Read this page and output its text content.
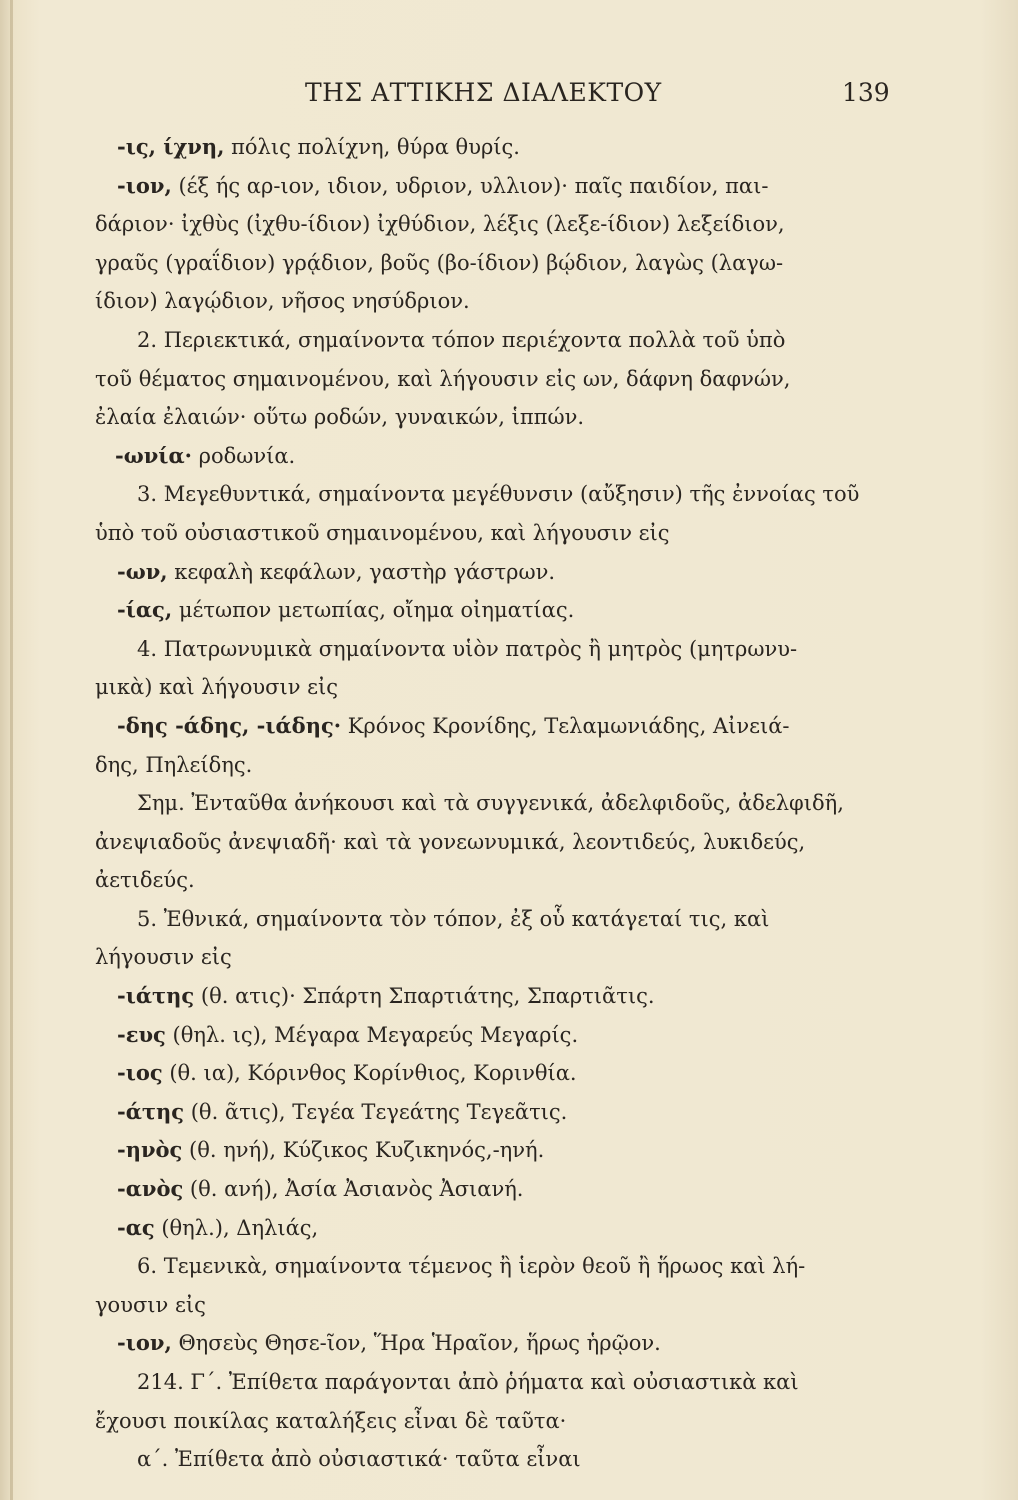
ΤΗΣ ΑΤΤΙΚΗΣ ΔΙΑΛΕΚΤΟΥ	139
-ις, ίχνη, πόλις πολίχνη, θύρα θυρίς.
-ιον, (έξ ής αρ-ιον, ιδιον, υδριον, υλλιον)· παῖς παιδίον, παι-
δάριον· ἰχθὺς (ἰχθυ-ίδιον) ἰχθύδιον, λέξις (λεξε-ίδιον) λεξείδιον,
γραῦς (γραΐδιον) γρᾴδιον, βοῦς (βο-ίδιον) βῴδιον, λαγὼς (λαγω-
ίδιον) λαγῴδιον, νῆσος νησύδριον.
2. Περιεκτικά, σημαίνοντα τόπον περιέχοντα πολλὰ τοῦ ὑπὸ
τοῦ θέματος σημαινομένου, καὶ λήγουσιν εἰς ων, δάφνη δαφνών,
ἐλαία ἐλαιών· οὕτω ροδών, γυναικών, ἱππών.
-ωνία· ροδωνία.
3. Μεγεθυντικά, σημαίνοντα μεγέθυνσιν (αὔξησιν) τῆς ἐννοίας τοῦ
ὑπὸ τοῦ οὐσιαστικοῦ σημαινομένου, καὶ λήγουσιν εἰς
-ων, κεφαλὴ κεφάλων, γαστὴρ γάστρων.
-ίας, μέτωπον μετωπίας, οἴημα οἰηματίας.
4. Πατρωνυμικὰ σημαίνοντα υἱὸν πατρὸς ἢ μητρὸς (μητρωνυ-
μικὰ) καὶ λήγουσιν εἰς
-δης -άδης, -ιάδης· Κρόνος Κρονίδης, Τελαμωνιάδης, Αἰνειά-
δης, Πηλείδης.
Σημ. Ἐνταῦθα ἀνήκουσι καὶ τὰ συγγενικά, ἀδελφιδοῦς, ἀδελφιδῆ,
ἀνεψιαδοῦς ἀνεψιαδῆ· καὶ τὰ γονεωνυμικά, λεοντιδεύς, λυκιδεύς,
ἀετιδεύς.
5. Ἐθνικά, σημαίνοντα τὸν τόπον, ἐξ οὗ κατάγεταί τις, καὶ
λήγουσιν εἰς
-ιάτης (θ. ατις)· Σπάρτη Σπαρτιάτης, Σπαρτιᾶτις.
-ευς (θηλ. ις), Μέγαρα Μεγαρεύς Μεγαρίς.
-ιος (θ. ια), Κόρινθος Κορίνθιος, Κορινθία.
-άτης (θ. ᾶτις), Τεγέα Τεγεάτης Τεγεᾶτις.
-ηνὸς (θ. ηνή), Κύζικος Κυζικηνός,-ηνή.
-ανὸς (θ. ανή), Ἀσία Ἀσιανὸς Ἀσιανή.
-ας (θηλ.), Δηλιάς,
6. Τεμενικὰ, σημαίνοντα τέμενος ἢ ἱερὸν θεοῦ ἢ ἥρωος καὶ λή-
γουσιν εἰς
-ιον, Θησεὺς Θησε-ῖον, Ἥρα Ἡραῖον, ἥρως ἡρῷον.
214. Γ΄. Ἐπίθετα παράγονται ἀπὸ ῥήματα καὶ οὐσιαστικὰ καὶ
ἔχουσι ποικίλας καταλήξεις εἶναι δὲ ταῦτα·
α΄. Ἐπίθετα ἀπὸ οὐσιαστικά· ταῦτα εἶναι
